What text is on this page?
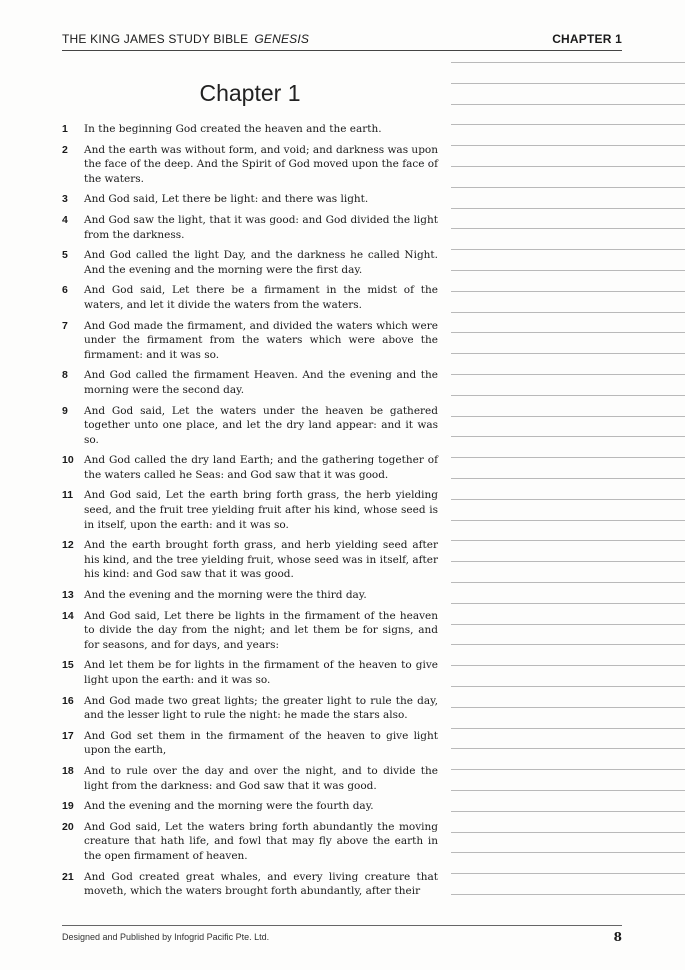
THE KING JAMES STUDY BIBLE GENESIS	CHAPTER 1
Chapter 1
1	In the beginning God created the heaven and the earth.
2	And the earth was without form, and void; and darkness was upon the face of the deep. And the Spirit of God moved upon the face of the waters.
3	And God said, Let there be light: and there was light.
4	And God saw the light, that it was good: and God divided the light from the darkness.
5	And God called the light Day, and the darkness he called Night. And the evening and the morning were the first day.
6	And God said, Let there be a firmament in the midst of the waters, and let it divide the waters from the waters.
7	And God made the firmament, and divided the waters which were under the firmament from the waters which were above the firmament: and it was so.
8	And God called the firmament Heaven. And the evening and the morning were the second day.
9	And God said, Let the waters under the heaven be gathered together unto one place, and let the dry land appear: and it was so.
10 And God called the dry land Earth; and the gathering together of the waters called he Seas: and God saw that it was good.
11	And God said, Let the earth bring forth grass, the herb yielding seed, and the fruit tree yielding fruit after his kind, whose seed is in itself, upon the earth: and it was so.
12 And the earth brought forth grass, and herb yielding seed after his kind, and the tree yielding fruit, whose seed was in itself, after his kind: and God saw that it was good.
13 And the evening and the morning were the third day.
14 And God said, Let there be lights in the firmament of the heaven to divide the day from the night; and let them be for signs, and for seasons, and for days, and years:
15 And let them be for lights in the firmament of the heaven to give light upon the earth: and it was so.
16 And God made two great lights; the greater light to rule the day, and the lesser light to rule the night: he made the stars also.
17 And God set them in the firmament of the heaven to give light upon the earth,
18 And to rule over the day and over the night, and to divide the light from the darkness: and God saw that it was good.
19 And the evening and the morning were the fourth day.
20 And God said, Let the waters bring forth abundantly the moving creature that hath life, and fowl that may fly above the earth in the open firmament of heaven.
21 And God created great whales, and every living creature that moveth, which the waters brought forth abundantly, after their
Designed and Published by Infogrid Pacific Pte. Ltd.	8
